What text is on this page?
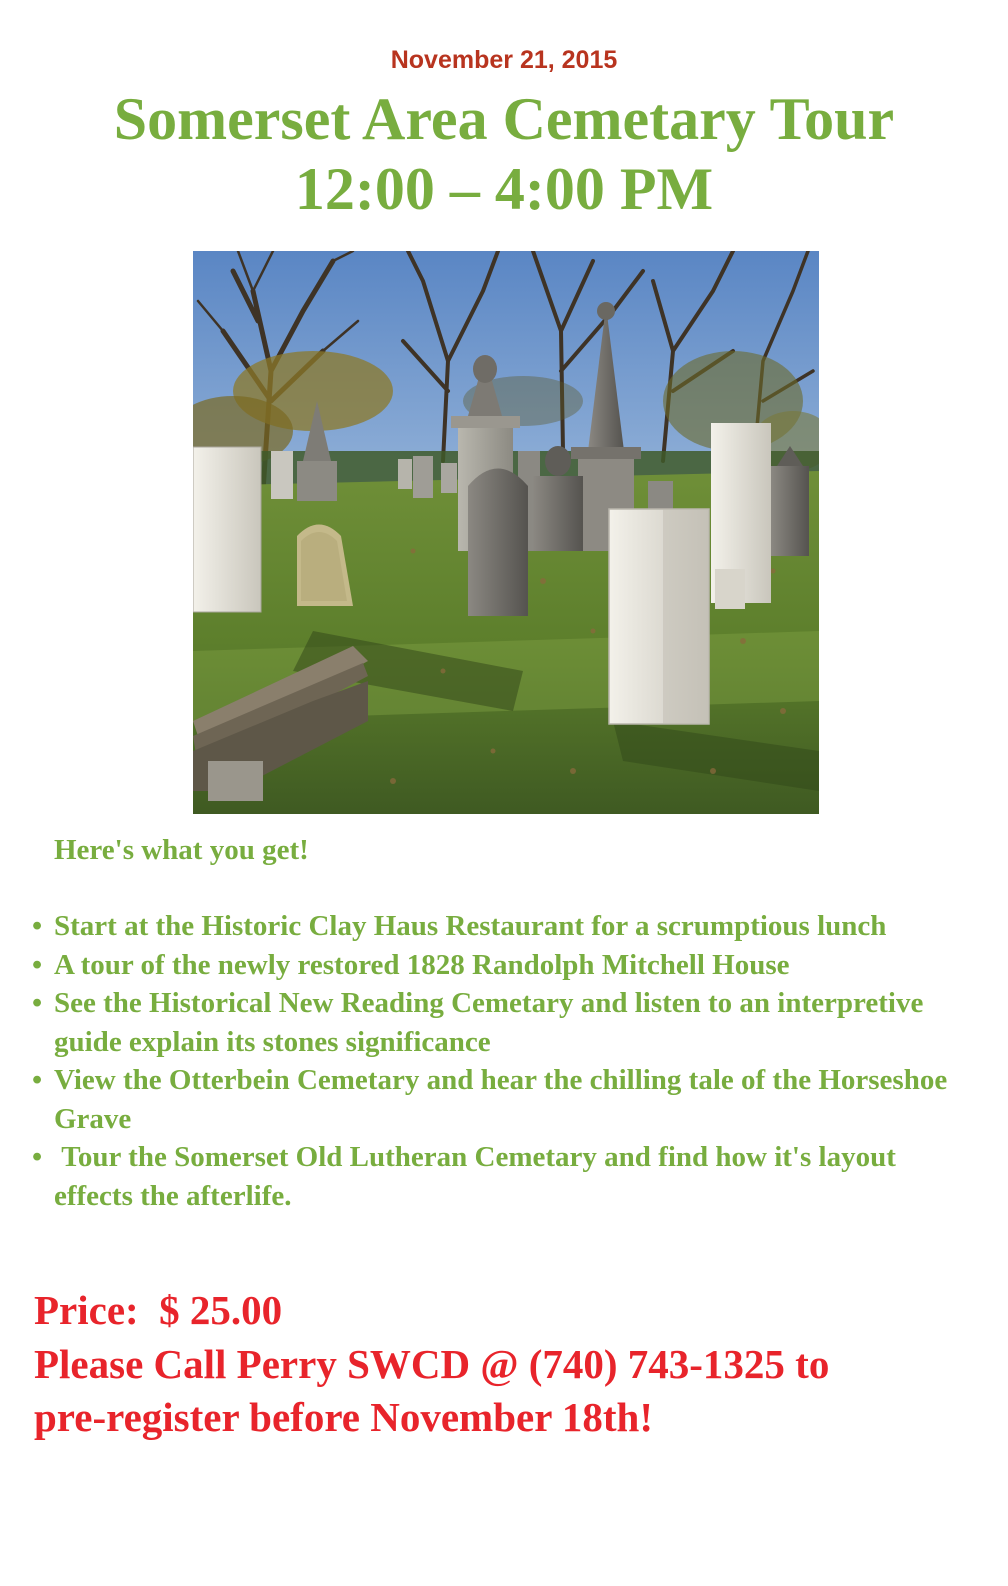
November 21, 2015
Somerset Area Cemetary Tour
12:00 – 4:00 PM
Here's what you get!
• Start at the Historic Clay Haus Restaurant for a scrumptious lunch
• A tour of the newly restored 1828 Randolph Mitchell House
• See the Historical New Reading Cemetary and listen to an interpretive guide explain its stones significance
• View the Otterbein Cemetary and hear the chilling tale of the Horseshoe Grave
• Tour the Somerset Old Lutheran Cemetary and find how it's layout effects the afterlife.
Price:  $ 25.00
Please Call Perry SWCD @ (740) 743-1325 to
pre-register before November 18th!
